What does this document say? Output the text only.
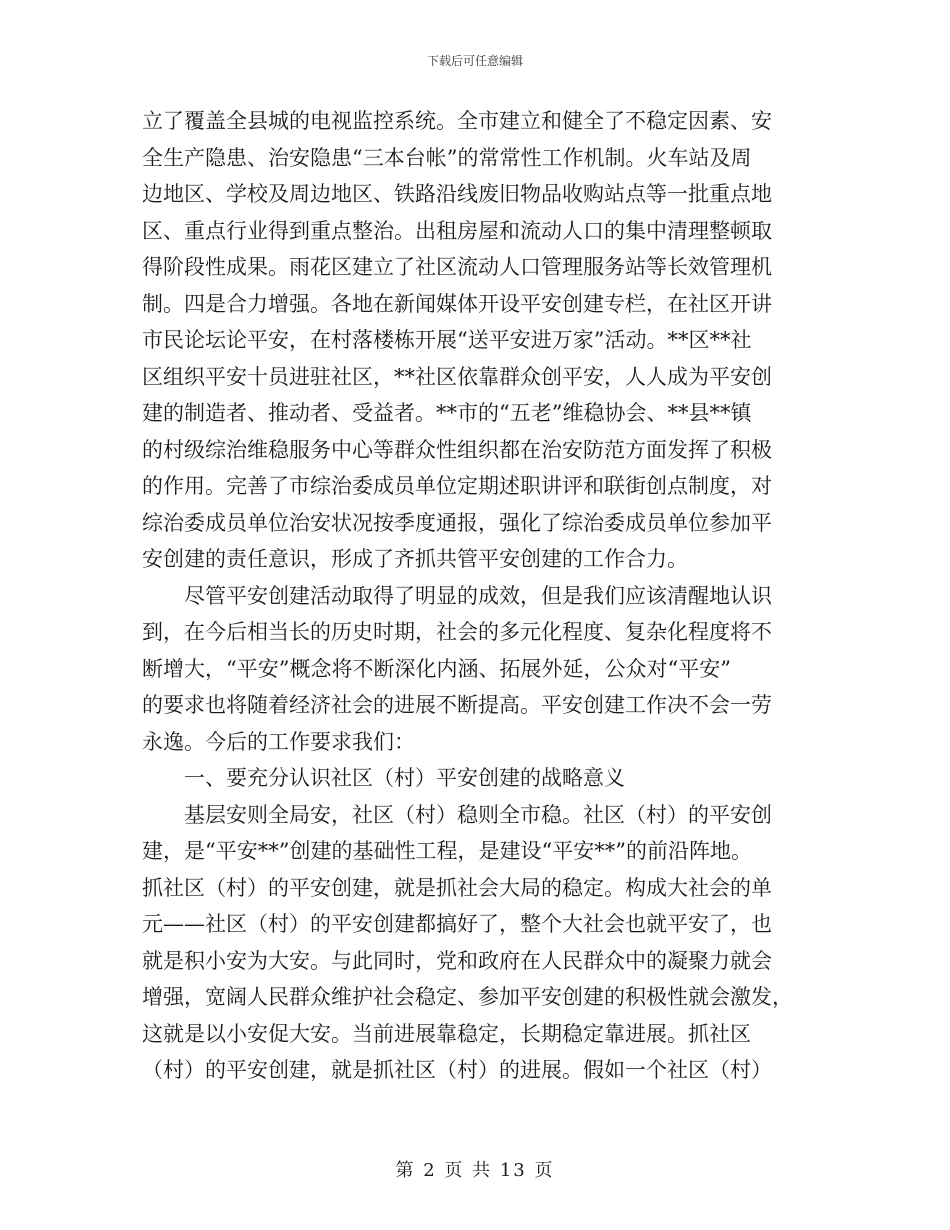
下载后可任意编辑
立了覆盖全县城的电视监控系统。全市建立和健全了不稳定因素、安
全生产隐患、治安隐患“三本台帐”的常常性工作机制。火车站及周
边地区、学校及周边地区、铁路沿线废旧物品收购站点等一批重点地
区、重点行业得到重点整治。出租房屋和流动人口的集中清理整顿取
得阶段性成果。雨花区建立了社区流动人口管理服务站等长效管理机
制。四是合力增强。各地在新闻媒体开设平安创建专栏，在社区开讲
市民论坛论平安，在村落楼栋开展“送平安进万家”活动。**区**社
区组织平安十员进驻社区，**社区依靠群众创平安，人人成为平安创
建的制造者、推动者、受益者。**市的“五老”维稳协会、**县**镇
的村级综治维稳服务中心等群众性组织都在治安防范方面发挥了积极
的作用。完善了市综治委成员单位定期述职讲评和联街创点制度，对
综治委成员单位治安状况按季度通报，强化了综治委成员单位参加平
安创建的责任意识，形成了齐抓共管平安创建的工作合力。
尽管平安创建活动取得了明显的成效，但是我们应该清醒地认识
到，在今后相当长的历史时期，社会的多元化程度、复杂化程度将不
断增大，“平安”概念将不断深化内涵、拓展外延，公众对“平安”
的要求也将随着经济社会的进展不断提高。平安创建工作决不会一劳
永逸。今后的工作要求我们：
一、要充分认识社区（村）平安创建的战略意义
基层安则全局安，社区（村）稳则全市稳。社区（村）的平安创
建，是“平安**”创建的基础性工程，是建设“平安**”的前沿阵地。
抓社区（村）的平安创建，就是抓社会大局的稳定。构成大社会的单
元——社区（村）的平安创建都搞好了，整个大社会也就平安了，也
就是积小安为大安。与此同时，党和政府在人民群众中的凝聚力就会
增强，宽阔人民群众维护社会稳定、参加平安创建的积极性就会激发，
这就是以小安促大安。当前进展靠稳定，长期稳定靠进展。抓社区
（村）的平安创建，就是抓社区（村）的进展。假如一个社区（村）
第 2 页 共 13 页
